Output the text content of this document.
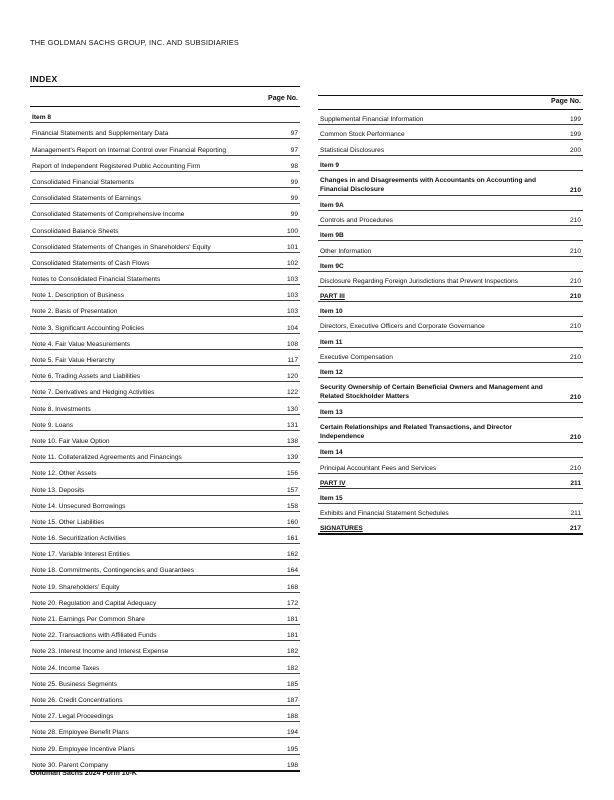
THE GOLDMAN SACHS GROUP, INC. AND SUBSIDIARIES
INDEX
Page No.
Item 8
Financial Statements and Supplementary Data	97
Management's Report on Internal Control over Financial Reporting	97
Report of Independent Registered Public Accounting Firm	98
Consolidated Financial Statements	99
Consolidated Statements of Earnings	99
Consolidated Statements of Comprehensive Income	99
Consolidated Balance Sheets	100
Consolidated Statements of Changes in Shareholders' Equity	101
Consolidated Statements of Cash Flows	102
Notes to Consolidated Financial Statements	103
Note 1. Description of Business	103
Note 2. Basis of Presentation	103
Note 3. Significant Accounting Policies	104
Note 4. Fair Value Measurements	108
Note 5. Fair Value Hierarchy	117
Note 6. Trading Assets and Liabilities	120
Note 7. Derivatives and Hedging Activities	122
Note 8. Investments	130
Note 9. Loans	131
Note 10. Fair Value Option	138
Note 11. Collateralized Agreements and Financings	139
Note 12. Other Assets	156
Note 13. Deposits	157
Note 14. Unsecured Borrowings	158
Note 15. Other Liabilities	160
Note 16. Securitization Activities	161
Note 17. Variable Interest Entities	162
Note 18. Commitments, Contingencies and Guarantees	164
Note 19. Shareholders' Equity	168
Note 20. Regulation and Capital Adequacy	172
Note 21. Earnings Per Common Share	181
Note 22. Transactions with Affiliated Funds	181
Note 23. Interest Income and Interest Expense	182
Note 24. Income Taxes	182
Note 25. Business Segments	185
Note 26. Credit Concentrations	187
Note 27. Legal Proceedings	188
Note 28. Employee Benefit Plans	194
Note 29. Employee Incentive Plans	195
Note 30. Parent Company	198
Page No.
Supplemental Financial Information	199
Common Stock Performance	199
Statistical Disclosures	200
Item 9
Changes in and Disagreements with Accountants on Accounting and Financial Disclosure	210
Item 9A
Controls and Procedures	210
Item 9B
Other Information	210
Item 9C
Disclosure Regarding Foreign Jurisdictions that Prevent Inspections	210
PART III	210
Item 10
Directors, Executive Officers and Corporate Governance	210
Item 11
Executive Compensation	210
Item 12
Security Ownership of Certain Beneficial Owners and Management and Related Stockholder Matters	210
Item 13
Certain Relationships and Related Transactions, and Director Independence	210
Item 14
Principal Accountant Fees and Services	210
PART IV	211
Item 15
Exhibits and Financial Statement Schedules	211
SIGNATURES	217
Goldman Sachs 2024 Form 10-K
